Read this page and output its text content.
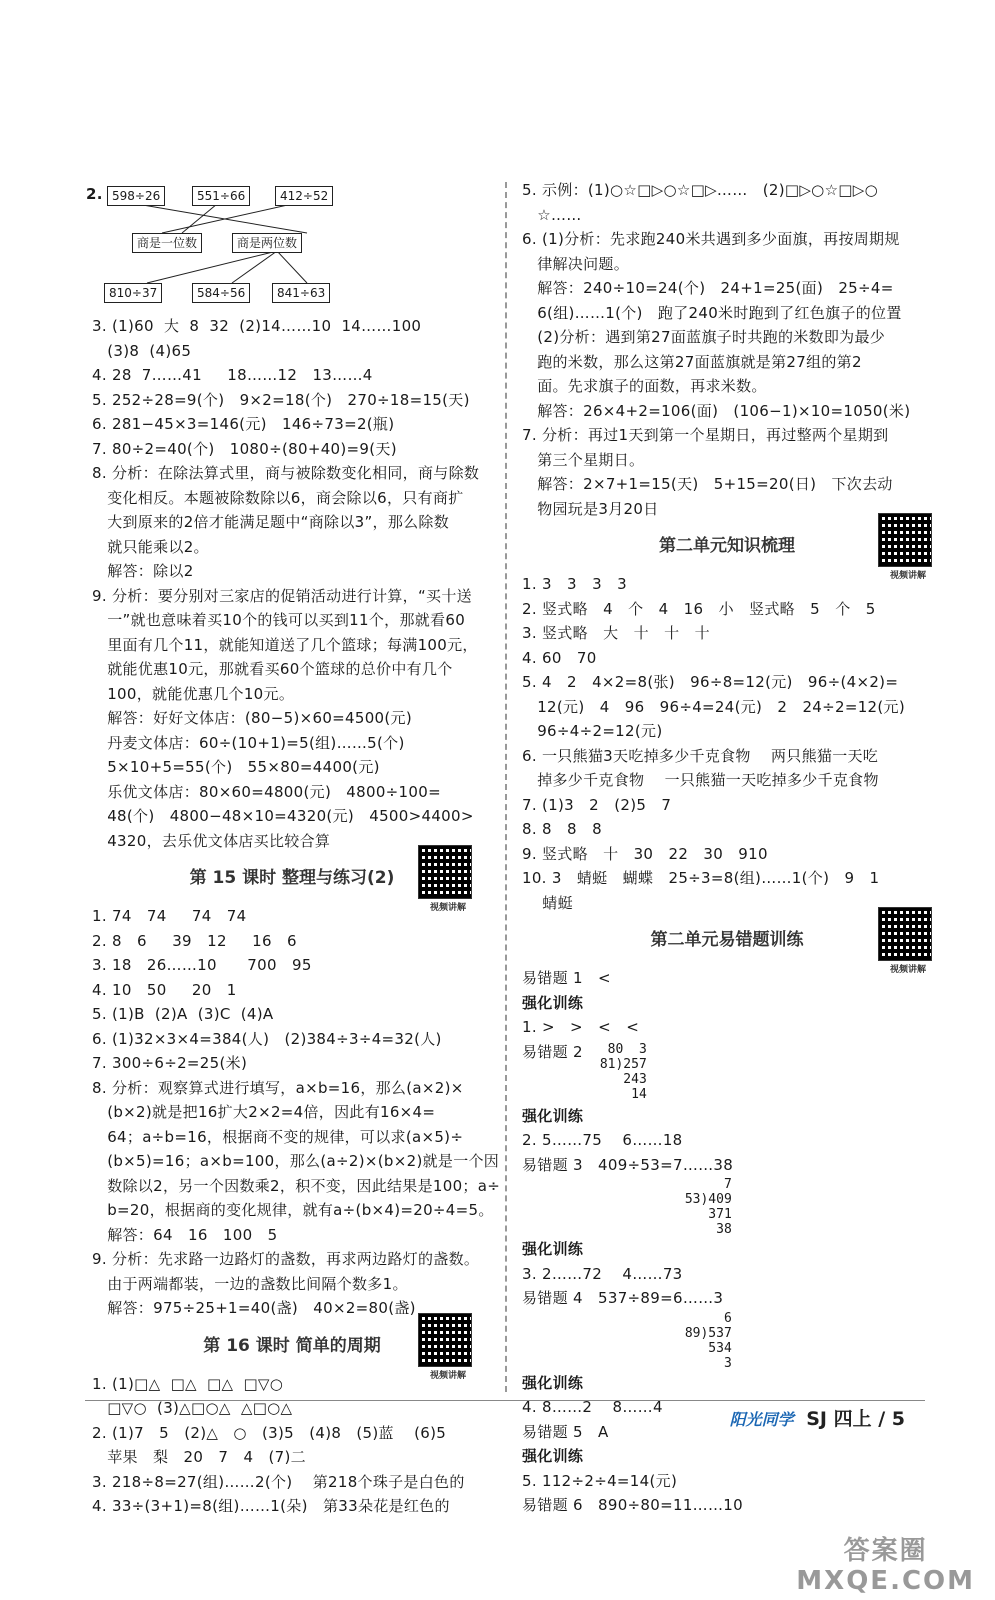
2. 598÷26	551÷66	412÷52
商是一位数	商是两位数
810÷37	584÷56	841÷63
3. (1)60  大  8  32  (2)14……10  14……100
(3)8  (4)65
4. 28  7……41     18……12   13……4
5. 252÷28=9(个)   9×2=18(个)   270÷18=15(天)
6. 281−45×3=146(元)   146÷73=2(瓶)
7. 80÷2=40(个)   1080÷(80+40)=9(天)
8. 分析：在除法算式里，商与被除数变化相同，商与除数
变化相反。本题被除数除以6，商会除以6，只有商扩
大到原来的2倍才能满足题中“商除以3”，那么除数
就只能乘以2。
解答：除以2
9. 分析：要分别对三家店的促销活动进行计算，“买十送
一”就也意味着买10个的钱可以买到11个，那就看60
里面有几个11，就能知道送了几个篮球；每满100元，
就能优惠10元，那就看买60个篮球的总价中有几个
100，就能优惠几个10元。
解答：好好文体店：(80−5)×60=4500(元)
丹麦文体店：60÷(10+1)=5(组)……5(个)
5×10+5=55(个)   55×80=4400(元)
乐优文体店：80×60=4800(元)   4800÷100=
48(个)   4800−48×10=4320(元)   4500>4400>
4320，去乐优文体店买比较合算
第 15 课时 整理与练习(2)
视频讲解
1. 74   74     74   74
2. 8   6     39   12     16   6
3. 18   26……10      700   95
4. 10   50     20   1
5. (1)B  (2)A  (3)C  (4)A
6. (1)32×3×4=384(人)   (2)384÷3÷4=32(人)
7. 300÷6÷2=25(米)
8. 分析：观察算式进行填写，a×b=16，那么(a×2)×
(b×2)就是把16扩大2×2=4倍，因此有16×4=
64；a÷b=16，根据商不变的规律，可以求(a×5)÷
(b×5)=16；a×b=100，那么(a÷2)×(b×2)就是一个因
数除以2，另一个因数乘2，积不变，因此结果是100；a÷
b=20，根据商的变化规律，就有a÷(b×4)=20÷4=5。
解答：64   16   100   5
9. 分析：先求路一边路灯的盏数，再求两边路灯的盏数。
由于两端都装，一边的盏数比间隔个数多1。
解答：975÷25+1=40(盏)   40×2=80(盏)
第 16 课时 简单的周期
视频讲解
1. (1)□△  □△  □△  □▽○
□▽○  (3)△□○△  △□○△
2. (1)7   5   (2)△   ○   (3)5   (4)8   (5)蓝    (6)5
苹果   梨   20   7   4   (7)二
3. 218÷8=27(组)……2(个)    第218个珠子是白色的
4. 33÷(3+1)=8(组)……1(朵)   第33朵花是红色的
5. 示例：(1)○☆□▷○☆□▷……   (2)□▷○☆□▷○
☆……
6. (1)分析：先求跑240米共遇到多少面旗，再按周期规
律解决问题。
解答：240÷10=24(个)   24+1=25(面)   25÷4=
6(组)……1(个)   跑了240米时跑到了红色旗子的位置
(2)分析：遇到第27面蓝旗子时共跑的米数即为最少
跑的米数，那么这第27面蓝旗就是第27组的第2
面。先求旗子的面数，再求米数。
解答：26×4+2=106(面)   (106−1)×10=1050(米)
7. 分析：再过1天到第一个星期日，再过整两个星期到
第三个星期日。
解答：2×7+1=15(天)   5+15=20(日)   下次去动
物园玩是3月20日
第二单元知识梳理
视频讲解
1. 3   3   3   3
2. 竖式略   4   个   4   16   小   竖式略   5   个   5
3. 竖式略   大   十   十   十
4. 60   70
5. 4   2   4×2=8(张)   96÷8=12(元)   96÷(4×2)=
12(元)   4   96   96÷4=24(元)   2   24÷2=12(元)
96÷4÷2=12(元)
6. 一只熊猫3天吃掉多少千克食物    两只熊猫一天吃
掉多少千克食物    一只熊猫一天吃掉多少千克食物
7. (1)3   2   (2)5   7
8. 8   8   8
9. 竖式略   十   30   22   30   910
10. 3   蜻蜓   蝴蝶   25÷3=8(组)……1(个)   9   1
蜻蜓
第二单元易错题训练
视频讲解
易错题 1   <
强化训练
1. >   >   <   <
易错题 2	80  3
81)257
243
14
强化训练
2. 5……75    6……18
易错题 3   409÷53=7……38
7
53)409
371
38
强化训练
3. 2……72    4……73
易错题 4   537÷89=6……3
6
89)537
534
3
强化训练
4. 8……2    8……4
易错题 5   A
强化训练
5. 112÷2÷4=14(元)
易错题 6   890÷80=11……10
阳光同学 SJ 四上 / 5
答案圈
MXQE.COM
